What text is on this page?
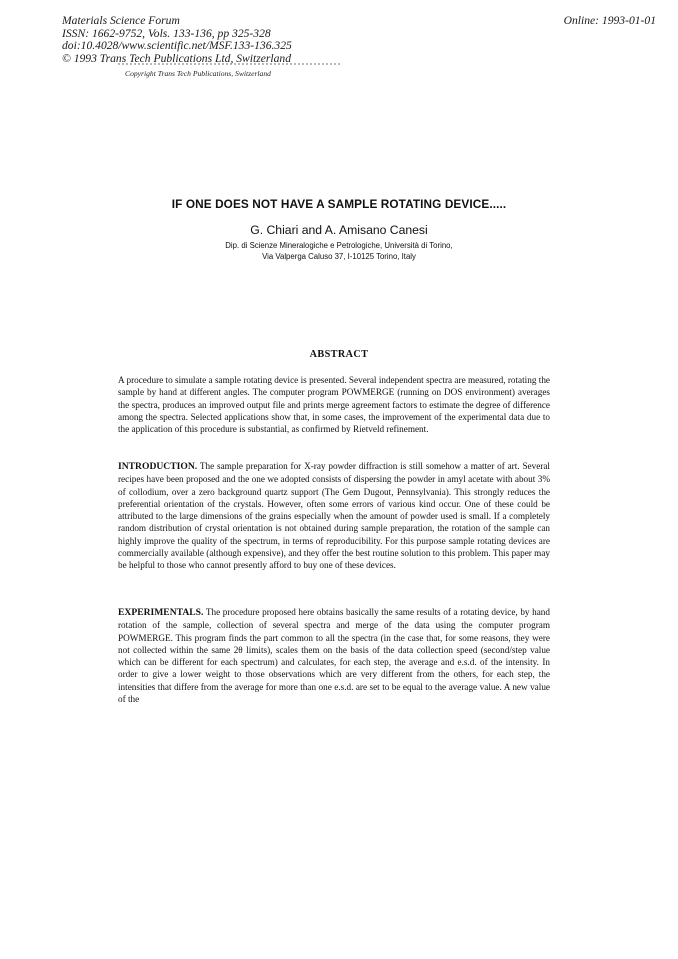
Materials Science Forum
ISSN: 1662-9752, Vols. 133-136, pp 325-328
doi:10.4028/www.scientific.net/MSF.133-136.325
© 1993 Trans Tech Publications Ltd, Switzerland
Online: 1993-01-01
Copyright Trans Tech Publications, Switzerland
IF ONE DOES NOT HAVE A SAMPLE ROTATING DEVICE.....
G. Chiari and A. Amisano Canesi
Dip. di Scienze Mineralogiche e Petrologiche, Università di Torino,
Via Valperga Caluso 37, I-10125 Torino, Italy
ABSTRACT

A procedure to simulate a sample rotating device is presented. Several independent spectra are measured, rotating the sample by hand at different angles. The computer program POWMERGE (running on DOS environment) averages the spectra, produces an improved output file and prints merge agreement factors to estimate the degree of difference among the spectra. Selected applications show that, in some cases, the improvement of the experimental data due to the application of this procedure is substantial, as confirmed by Rietveld refinement.

INTRODUCTION. The sample preparation for X-ray powder diffraction is still somehow a matter of art. Several recipes have been proposed and the one we adopted consists of dispersing the powder in amyl acetate with about 3% of collodium, over a zero background quartz support (The Gem Dugout, Pennsylvania). This strongly reduces the preferential orientation of the crystals. However, often some errors of various kind occur. One of these could be attributed to the large dimensions of the grains especially when the amount of powder used is small. If a completely random distribution of crystal orientation is not obtained during sample preparation, the rotation of the sample can highly improve the quality of the spectrum, in terms of reproducibility. For this purpose sample rotating devices are commercially available (although expensive), and they offer the best routine solution to this problem. This paper may be helpful to those who cannot presently afford to buy one of these devices.

EXPERIMENTALS. The procedure proposed here obtains basically the same results of a rotating device, by hand rotation of the sample, collection of several spectra and merge of the data using the computer program POWMERGE. This program finds the part common to all the spectra (in the case that, for some reasons, they were not collected within the same 2θ limits), scales them on the basis of the data collection speed (second/step value which can be different for each spectrum) and calculates, for each step, the average and e.s.d. of the intensity. In order to give a lower weight to those observations which are very different from the others, for each step, the intensities that differe from the average for more than one e.s.d. are set to be equal to the average value. A new value of the
